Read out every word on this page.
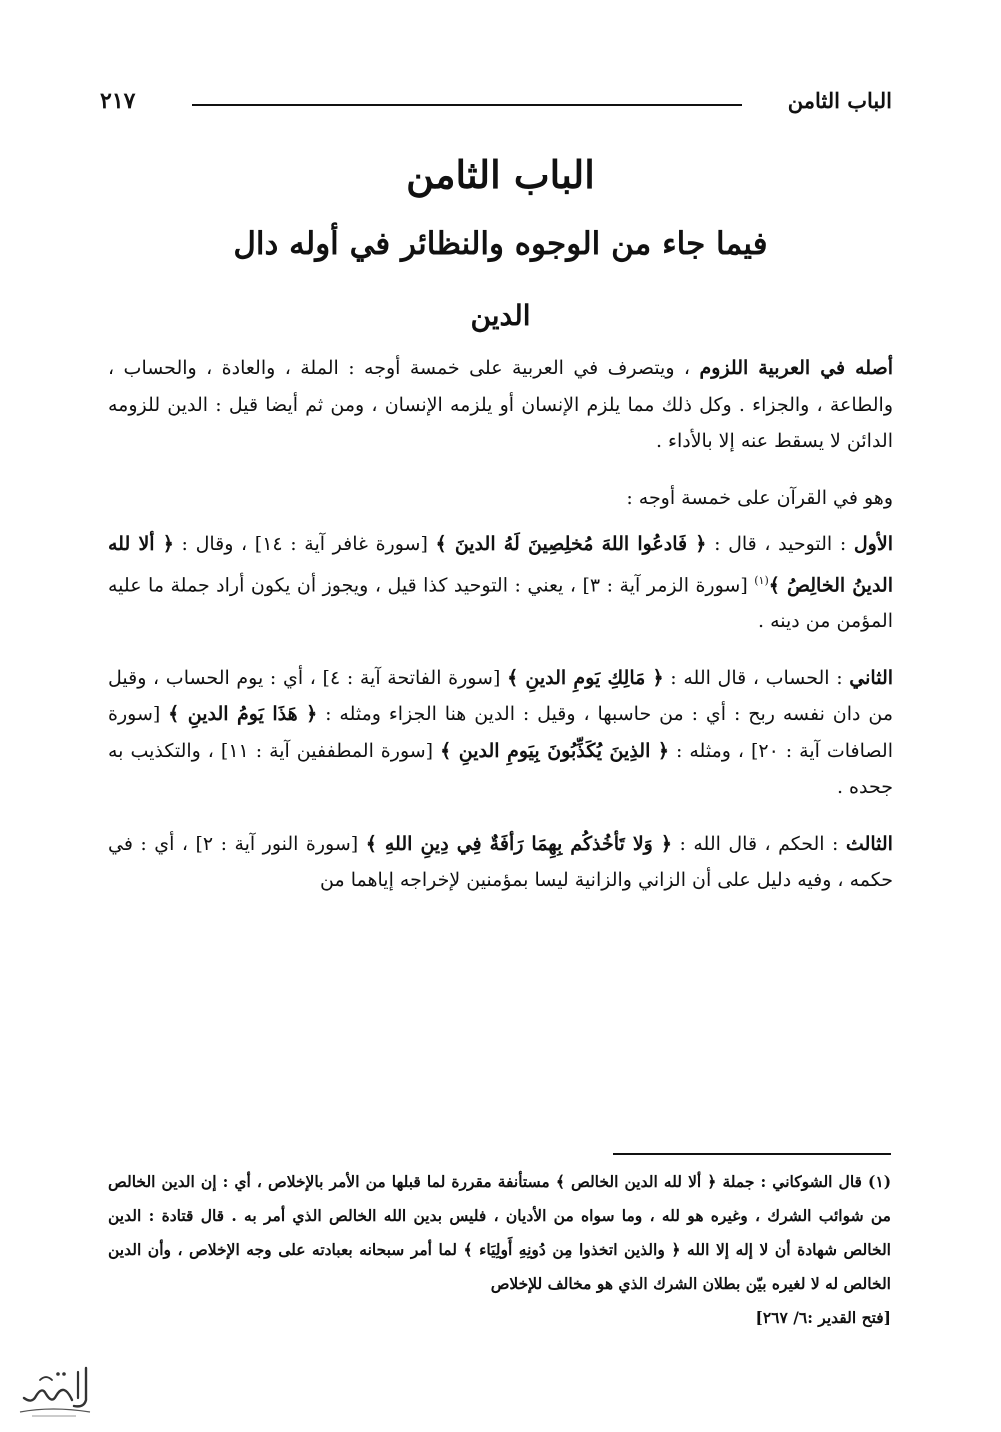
الباب الثامن
٢١٧
الباب الثامن
فيما جاء من الوجوه والنظائر في أوله دال
الدين

أصله في العربية اللزوم ، ويتصرف في العربية على خمسة أوجه : الملة ، والعادة ، والحساب ، والطاعة ، والجزاء . وكل ذلك مما يلزم الإنسان أو يلزمه الإنسان ، ومن ثم أيضا قيل : الدين للزومه الدائن لا يسقط عنه إلا بالأداء .

وهو في القرآن على خمسة أوجه :

الأول : التوحيد ، قال : ﴿ فَادعُوا اللهَ مُخلِصِينَ لَهُ الدينَ ﴾ [سورة غافر آية : ١٤] ، وقال : ﴿ ألا لله الدينُ الخالِصُ ﴾$^{(١)}$ [سورة الزمر آية : ٣] ، يعني : التوحيد كذا قيل ، ويجوز أن يكون أراد جملة ما عليه المؤمن من دينه .

الثاني : الحساب ، قال الله : ﴿ مَالِكِ يَومِ الدينِ ﴾ [سورة الفاتحة آية : ٤] ، أي : يوم الحساب ، وقيل من دان نفسه ربح : أي : من حاسبها ، وقيل : الدين هنا الجزاء ومثله : ﴿ هَذَا يَومُ الدينِ ﴾ [سورة الصافات آية : ٢٠] ، ومثله : ﴿ الذِينَ يُكَذِّبُونَ بِيَومِ الدينِ ﴾ [سورة المطففين آية : ١١] ، والتكذيب به جحده .

الثالث : الحكم ، قال الله : ﴿ وَلا تَأخُذكُم بِهِمَا رَأفَةٌ فِي دِينِ اللهِ ﴾ [سورة النور آية : ٢] ، أي : في حكمه ، وفيه دليل على أن الزاني والزانية ليسا بمؤمنين لإخراجه إياهما من

(١) قال الشوكاني : جملة ﴿ ألا لله الدين الخالص ﴾ مستأنفة مقررة لما قبلها من الأمر بالإخلاص ، أي : إن الدين الخالص من شوائب الشرك ، وغيره هو لله ، وما سواه من الأديان ، فليس بدين الله الخالص الذي أمر به . قال قتادة : الدين الخالص شهادة أن لا إله إلا الله ﴿ والذين اتخذوا مِن دُونِهِ أَولِيَاء ﴾ لما أمر سبحانه بعبادته على وجه الإخلاص ، وأن الدين الخالص له لا لغيره بيّن بطلان الشرك الذي هو مخالف للإخلاص

[فتح القدير :٦/ ٢٦٧]
